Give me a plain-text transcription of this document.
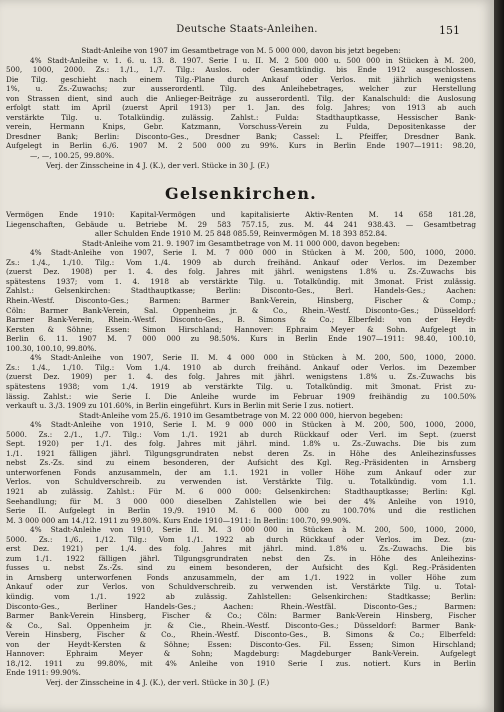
Deutsche Staats-Anleihen.	151
Stadt-Anleihe von 1907 im Gesamtbetrage von M. 5 000 000, davon bis jetzt begeben:
4% Stadt-Anleihe v. 1. 6. u. 13. 8. 1907. Serie I u. II. M. 2 500 000 u. 500 000 in Stücken à M. 200,
500, 1000, 2000. Zs.: 1./1., 1./7. Tilg.: Auslos. oder Gesamtkündig. bis Ende 1912 ausgeschlossen.
Die Tilg. geschieht nach einem Tilg.-Plane durch Ankauf oder Verlos. mit jährlich wenigstens
1%, u. Zs.-Zuwachs; zur ausserordentl. Tilg. des Anleihebetrages, welcher zur Herstellung
von Strassen dient, sind auch die Anlieger-Beiträge zu ausserordentl. Tilg. der Kanalschuld: die Auslosung
erfolgt statt im April (zuerst April 1913) per 1. Jan. des folg. Jahres; von 1913 ab auch
verstärkte Tilg. u. Totalkündig. zulässig. Zahlst.: Fulda: Stadthauptkasse, Hessischer Bank-
verein, Hermann Knips, Gebr. Katzmann, Vorschuss-Verein zu Fulda, Depositenkasse der
Dresdner Bank; Berlin: Disconto-Ges., Dresdner Bank; Cassel: L. Pfeiffer, Dresdner Bank.
Aufgelegt in Berlin 6./6. 1907 M. 2 500 000 zu 99%. Kurs in Berlin Ende 1907—1911: 98.20,
—, —, 100.25, 99.80%.
Verj. der Zinsscheine in 4 J. (K.), der verl. Stücke in 30 J. (F.)
Gelsenkirchen.
Vermögen Ende 1910: Kapital-Vermögen und kapitalisierte Aktiv-Renten M. 14 658 181.28,
Liegenschaften, Gebäude u. Betriebe M. 29 583 757.15, zus. M. 44 241 938.43. — Gesamtbetrag
aller Schulden Ende 1910 M. 25 848 085.59, Reinvermögen M. 18 393 852.84.
Stadt-Anleihe vom 21. 9. 1907 im Gesamtbetrage von M. 11 000 000, davon begeben:
4% Stadt-Anleihe von 1907, Serie I. M. 7 000 000 in Stücken à M. 200, 500, 1000, 2000.
Zs.: 1./4., 1./10. Tilg.: Vom 1./4. 1909 ab durch freihänd. Ankauf oder Verlos. im Dezember
(zuerst Dez. 1908) per 1. 4. des folg. Jahres mit jährl. wenigstens 1.8% u. Zs.-Zuwachs bis
spätestens 1937; vom 1. 4. 1918 ab verstärkte Tilg. u. Totalkündig. mit 3monat. Frist zulässig.
Zahlst.: Gelsenkirchen: Stadthauptkasse; Berlin: Disconto-Ges., Berl. Handels-Ges.; Aachen:
Rhein.-Westf. Disconto-Ges.; Barmen: Barmer Bank-Verein, Hinsberg, Fischer & Comp.;
Cöln: Barmer Bank-Verein, Sal. Oppenheim jr. & Co., Rhein.-Westf. Disconto-Ges.; Düsseldorf:
Barmer Bank-Verein, Rhein.-Westf. Disconto-Ges., B. Simons & Co.; Elberfeld: von der Heydt-
Kersten & Söhne; Essen: Simon Hirschland; Hannover: Ephraim Meyer & Sohn. Aufgelegt in
Berlin 6. 11. 1907 M. 7 000 000 zu 98.50%. Kurs in Berlin Ende 1907—1911: 98.40, 100.10,
100.30, 100.10, 99.80%.
4% Stadt-Anleihe von 1907, Serie II. M. 4 000 000 in Stücken à M. 200, 500, 1000, 2000.
Zs.: 1./4., 1./10. Tilg.: Vom 1./4. 1910 ab durch freihänd. Ankauf oder Verlos. im Dezember
(zuerst Dez. 1909) per 1. 4. des folg. Jahres mit jährl. wenigstens 1.8% u. Zs.-Zuwachs bis
spätestens 1938; vom 1./4. 1919 ab verstärkte Tilg. u. Totalkündig. mit 3monat. Frist zu-
lässig. Zahlst.: wie Serie I. Die Anleihe wurde im Februar 1909 freihändig zu 100.50%
verkauft u. 3./3. 1909 zu 101.60%, in Berlin eingeführt. Kurs in Berlin mit Serie I zus. notiert.
Stadt-Anleihe vom 25./6. 1910 im Gesamtbetrage von M. 22 000 000, hiervon begeben:
4% Stadt-Anleihe von 1910, Serie I. M. 9 000 000 in Stücken à M. 200, 500, 1000, 2000,
5000. Zs.: 2./1., 1./7. Tilg.: Vom 1./1. 1921 ab durch Rückkauf oder Verl. im Sept. (zuerst
Sept. 1920) per 1./1. des folg. Jahres mit jährl. mind. 1.8% u. Zs.-Zuwachs. Die bis zum
1./1. 1921 fälligen jährl. Tilgungsgrundraten nebst deren Zs. in Höhe des Anleihezinsfusses
nebst Zs.-Zs. sind zu einem besonderen, der Aufsicht des Kgl. Reg.-Präsidenten in Arnsberg
unterworfenen Fonds anzusammeln, der am 1.1. 1921 in voller Höhe zum Ankauf oder zur
Verlos. von Schuldverschreib. zu verwenden ist. Verstärkte Tilg. u. Totalkündig. vom 1.1.
1921 ab zulässig. Zahlst.: Für M. 6 000 000: Gelsenkirchen: Stadthauptkasse; Berlin: Kgl.
Seehandlung; für M. 3 000 000 dieselben Zahlstellen wie bei der 4% Anleihe von 1910,
Serie II. Aufgelegt in Berlin 19./9. 1910 M. 6 000 000 zu 100.70% und die restlichen
M. 3 000 000 am 14./12. 1911 zu 99.80%. Kurs Ende 1910—1911: In Berlin: 100.70, 99.90%.
4% Stadt-Anleihe von 1910, Serie II. M. 3 000 000 in Stücken à M. 200, 500, 1000, 2000,
5000. Zs.: 1./6., 1./12. Tilg.: Vom 1./1. 1922 ab durch Rückkauf oder Verlos. im Dez. (zu-
erst Dez. 1921) per 1./4. des folg. Jahres mit jährl. mind. 1.8% u. Zs.-Zuwachs. Die bis
zum 1./1. 1922 fälligen jährl. Tilgungsgrundraten nebst den Zs. in Höhe des Anleihezins-
fusses u. nebst Zs.-Zs. sind zu einem besonderen, der Aufsicht des Kgl. Reg.-Präsidenten
in Arnsberg unterworfenen Fonds anzusammeln, der am 1./1. 1922 in voller Höhe zum
Ankauf oder zur Verlos. von Schuldverschreib. zu verwenden ist. Verstärkte Tilg. u. Total-
kündig. vom 1./1. 1922 ab zulässig. Zahlstellen: Gelsenkirchen: Stadtkasse; Berlin:
Disconto-Ges., Berliner Handels-Ges.; Aachen: Rhein.-Westfäl. Disconto-Ges.; Barmen:
Barmer Bank-Verein Hinsberg, Fischer & Co.; Cöln: Barmer Bank-Verein Hinsberg, Fischer
& Co., Sal. Oppenheim jr. & Cie., Rhein.-Westf. Disconto-Ges.; Düsseldorf: Barmer Bank-
Verein Hinsberg, Fischer & Co., Rhein.-Westf. Disconto-Ges., B. Simons & Co.; Elberfeld:
von der Heydt-Kersten & Söhne; Essen: Disconto-Ges. Fil. Essen; Simon Hirschland;
Hannover: Ephraim Meyer & Sohn; Magdeburg: Magdeburger Bank-Verein. Aufgelegt
18./12. 1911 zu 99.80%, mit 4% Anleihe von 1910 Serie I zus. notiert. Kurs in Berlin
Ende 1911: 99.90%.
Verj. der Zinsscheine in 4 J. (K.), der verl. Stücke in 30 J. (F.)
